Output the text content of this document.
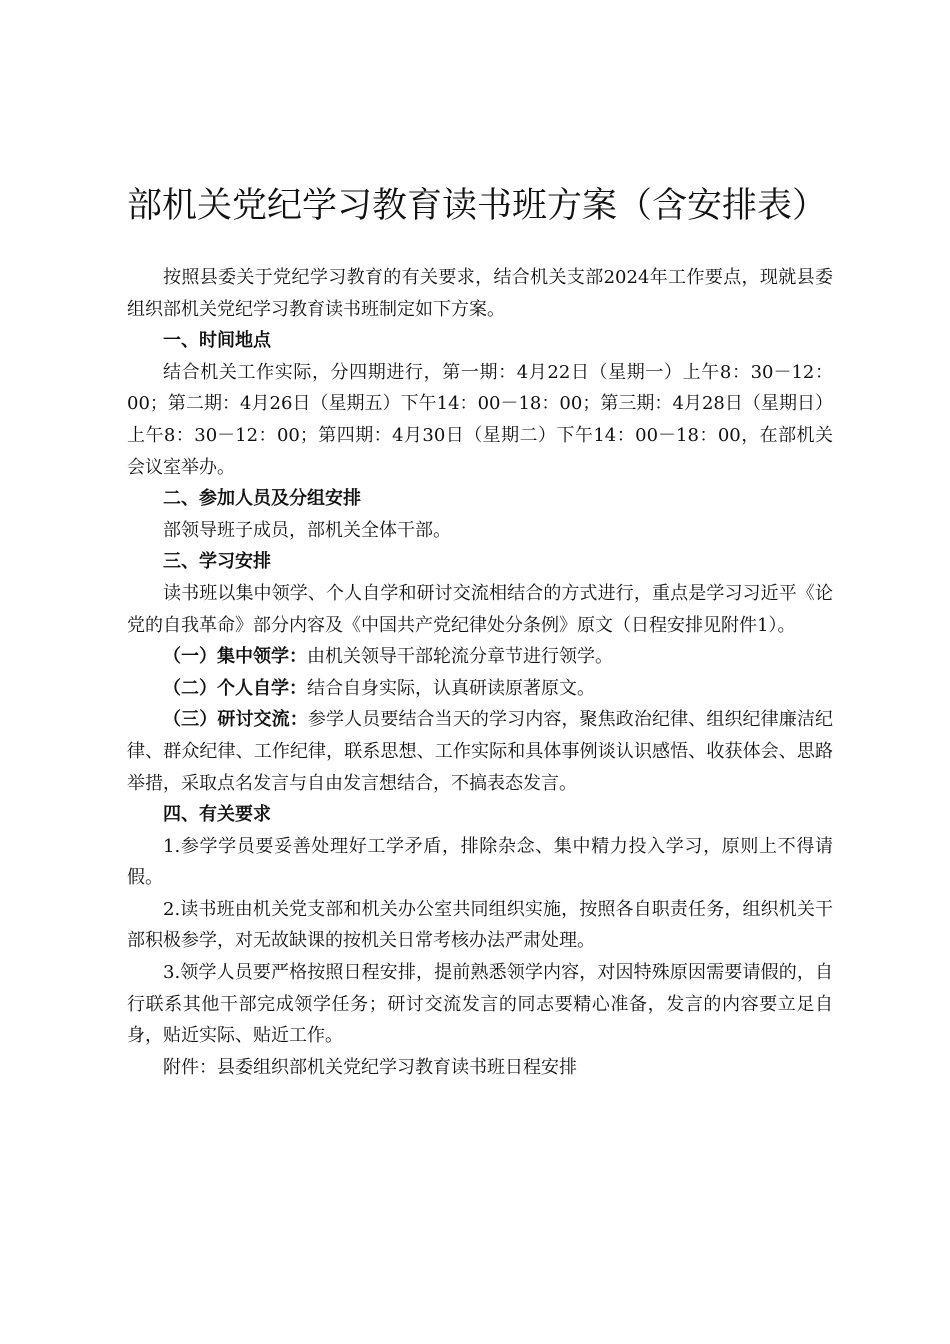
部机关党纪学习教育读书班方案（含安排表）

按照县委关于党纪学习教育的有关要求，结合机关支部2024年工作要点，现就县委组织部机关党纪学习教育读书班制定如下方案。

一、时间地点

结合机关工作实际，分四期进行，第一期：4月22日（星期一）上午8：30－12：00；第二期：4月26日（星期五）下午14：00－18：00；第三期：4月28日（星期日）上午8：30－12：00；第四期：4月30日（星期二）下午14：00－18：00，在部机关会议室举办。

二、参加人员及分组安排

部领导班子成员，部机关全体干部。

三、学习安排

读书班以集中领学、个人自学和研讨交流相结合的方式进行，重点是学习习近平《论党的自我革命》部分内容及《中国共产党纪律处分条例》原文（日程安排见附件1）。

（一）集中领学：由机关领导干部轮流分章节进行领学。

（二）个人自学：结合自身实际，认真研读原著原文。

（三）研讨交流：参学人员要结合当天的学习内容，聚焦政治纪律、组织纪律廉洁纪律、群众纪律、工作纪律，联系思想、工作实际和具体事例谈认识感悟、收获体会、思路举措，采取点名发言与自由发言想结合，不搞表态发言。

四、有关要求

1.参学学员要妥善处理好工学矛盾，排除杂念、集中精力投入学习，原则上不得请假。

2.读书班由机关党支部和机关办公室共同组织实施，按照各自职责任务，组织机关干部积极参学，对无故缺课的按机关日常考核办法严肃处理。

3.领学人员要严格按照日程安排，提前熟悉领学内容，对因特殊原因需要请假的，自行联系其他干部完成领学任务；研讨交流发言的同志要精心准备，发言的内容要立足自身，贴近实际、贴近工作。

附件：县委组织部机关党纪学习教育读书班日程安排
